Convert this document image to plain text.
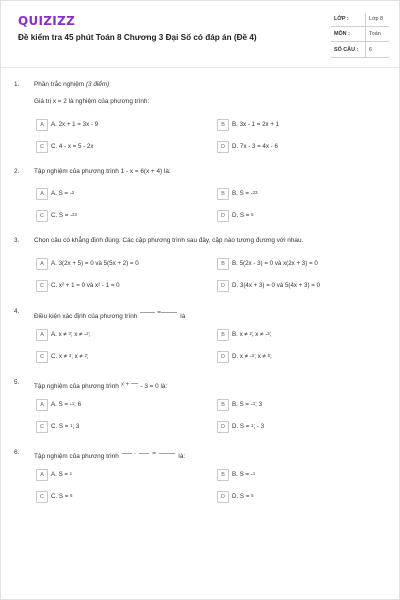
QUIZIZZ
Đề kiểm tra 45 phút Toán 8 Chương 3 Đại Số có đáp án (Đề 4)
LỚP :	Lớp 8
MÔN :	Toán
SỐ CÂU : 6
1. Phần trắc nghiệm (3 điểm)
Giá trị x = 2 là nghiệm của phương trình:
A	A. 2x + 1 = 3x - 9	B	B. 3x - 1 = 2x + 1
C	C. 4 - x = 5 - 2x	D	D. 7x - 3 = 4x - 6
2. Tập nghiệm của phương trình 1 - x = 6(x + 4) là:
A	A. S = -2	B	B. S = -23
C	C. S = -23	D	D. S = 5
3. Chọn câu có khẳng định đúng. Các cặp phương trình sau đây, cặp nào tương đương với nhau.
A	A. 3(2x + 5) = 0 và 5(5x + 2) = 0	B	B. 5(2x - 3) = 0 và x(2x + 3) = 0
C	C. x² + 1 = 0 và x² - 1 = 0	D	D. 3(4x + 3) = 0 và 5(4x + 3) = 0
4.
Điều kiện xác định của phương trình	=	là
A	A. x ≠ 3; x ≠ -2;	B	B. x ≠ 2; x ≠ -3;
C	C. x ≠ 3; x ≠ 2;	D	D. x ≠ -3; x ≠ 5;
5.
Tập nghiệm của phương trình x + - 3 = 0 là:
A	A. S = -1; 6	B	B. S = -1; 3
C	C. S = 1; 3	D	D. S = 1; - 3
6.
Tập nghiệm của phương trình	-	=	là:
A	A. S = 1	B	B. S = -1
C	C. S = 6	D	D. S = 5
